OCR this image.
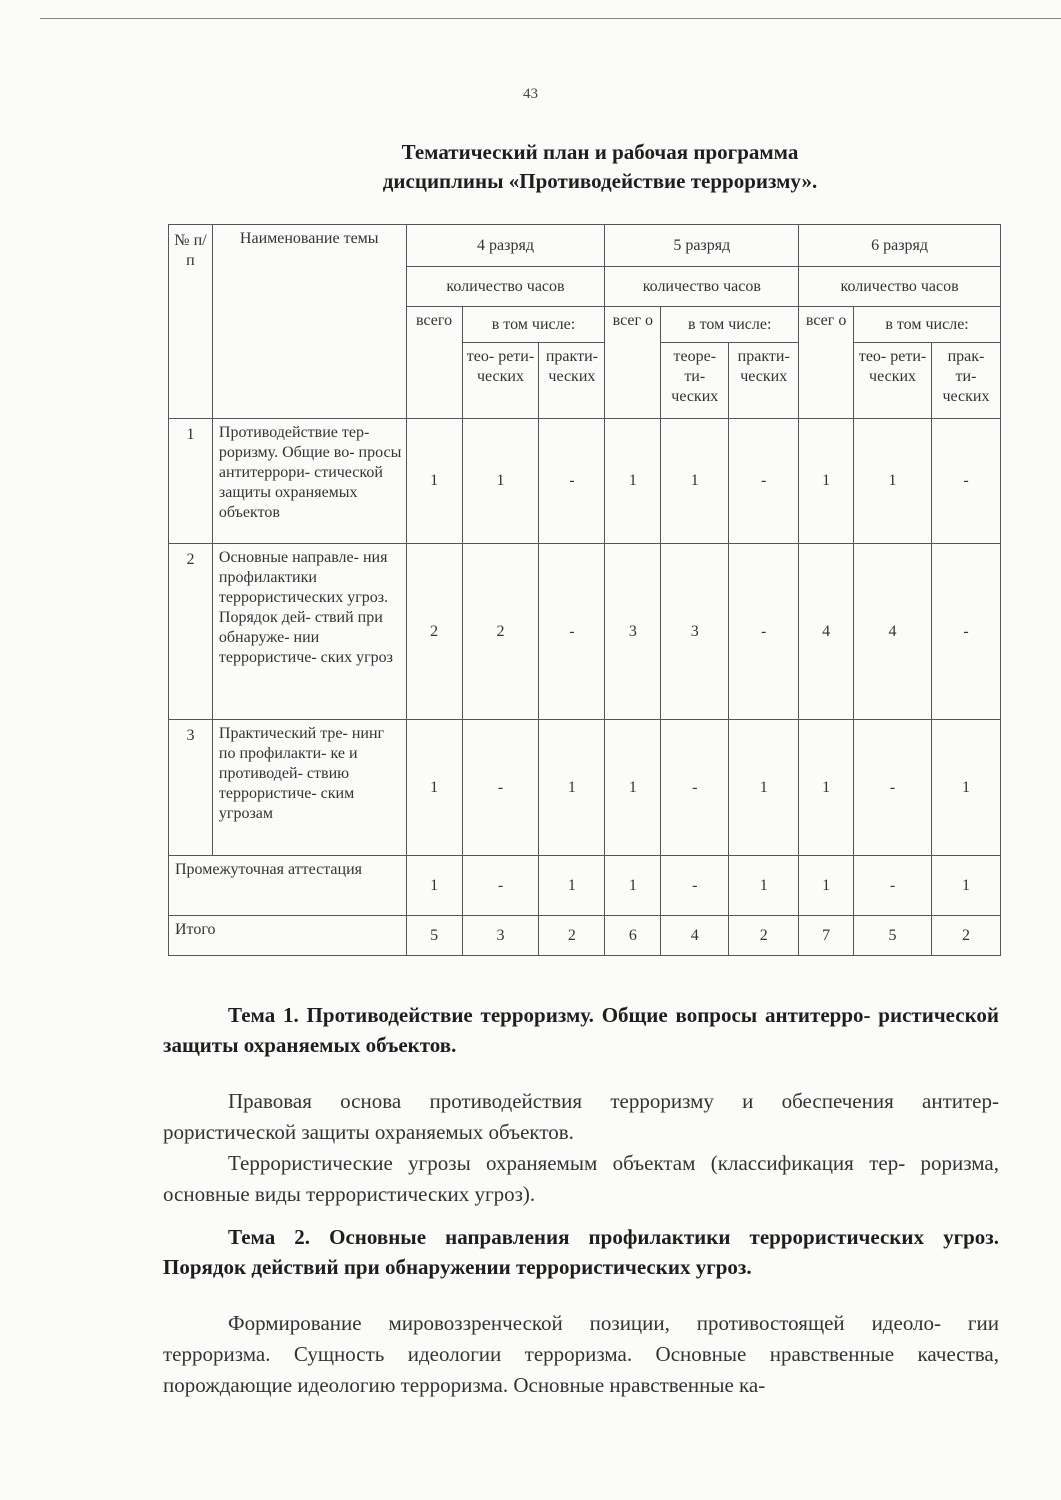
43
Тематический план и рабочая программа
дисциплины «Противодействие терроризму».
№ п/ п	Наименование темы	4 разряд			5 разряд			6 разряд		
		количество часов			количество часов			количество часов		
		всего	в том числе:		всег о	в том числе:		всег о	в том числе:	
			тео- рети- ческих	практи- ческих		теоре- ти- ческих	практи- ческих		тео- рети- ческих	прак- ти- ческих
1	Противодействие тер- роризму. Общие во- просы антитеррори- стической защиты охраняемых объектов	1	1	-	1	1	-	1	1	-
2	Основные направле- ния профилактики террористических угроз. Порядок дей- ствий при обнаруже- нии террористиче- ских угроз	2	2	-	3	3	-	4	4	-
3	Практический тре- нинг по профилакти- ке и противодей- ствию террористиче- ским угрозам	1	-	1	1	-	1	1	-	1
Промежуточная аттестация		1	-	1	1	-	1	1	-	1
Итого		5	3	2	6	4	2	7	5	2
Тема 1. Противодействие терроризму. Общие вопросы антитерро- ристической защиты охраняемых объектов.

Правовая основа противодействия терроризму и обеспечения антитер- рористической защиты охраняемых объектов.

Террористические угрозы охраняемым объектам (классификация тер- роризма, основные виды террористических угроз).

Тема 2. Основные направления профилактики террористических угроз. Порядок действий при обнаружении террористических угроз.

Формирование мировоззренческой позиции, противостоящей идеоло- гии терроризма. Сущность идеологии терроризма. Основные нравственные качества, порождающие идеологию терроризма. Основные нравственные ка-
